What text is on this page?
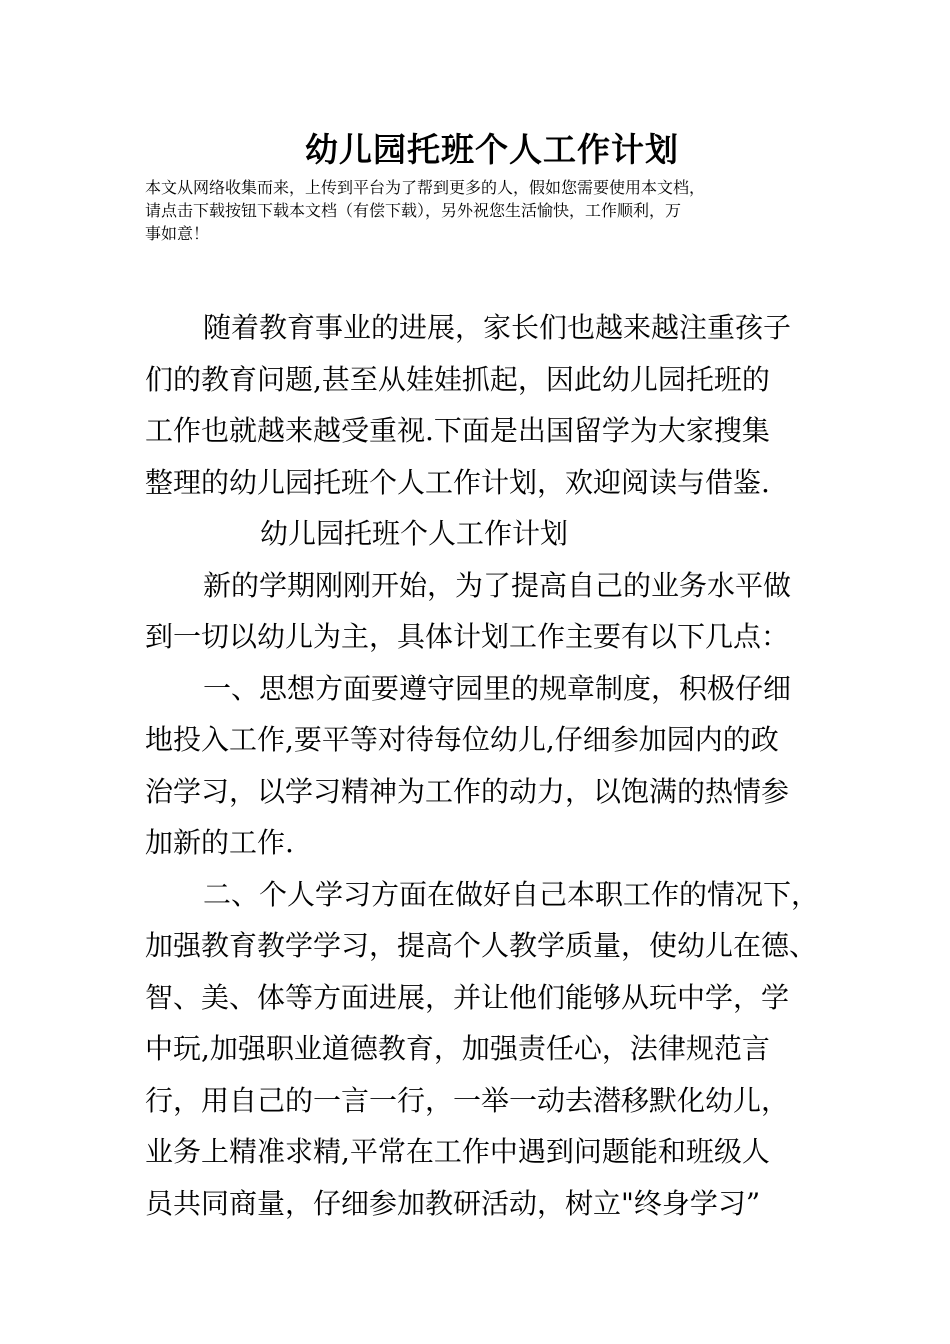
幼儿园托班个人工作计划
本文从网络收集而来，上传到平台为了帮到更多的人，假如您需要使用本文档，
请点击下载按钮下载本文档（有偿下载），另外祝您生活愉快，工作顺利，万
事如意！
随着教育事业的进展，家长们也越来越注重孩子
们的教育问题,甚至从娃娃抓起，因此幼儿园托班的
工作也就越来越受重视.下面是出国留学为大家搜集
整理的幼儿园托班个人工作计划，欢迎阅读与借鉴.
幼儿园托班个人工作计划
新的学期刚刚开始，为了提高自己的业务水平做
到一切以幼儿为主，具体计划工作主要有以下几点：
一、思想方面要遵守园里的规章制度，积极仔细
地投入工作,要平等对待每位幼儿,仔细参加园内的政
治学习，以学习精神为工作的动力，以饱满的热情参
加新的工作.
二、个人学习方面在做好自己本职工作的情况下，
加强教育教学学习，提高个人教学质量，使幼儿在德、
智、美、体等方面进展，并让他们能够从玩中学，学
中玩,加强职业道德教育，加强责任心，法律规范言
行，用自己的一言一行，一举一动去潜移默化幼儿，
业务上精准求精,平常在工作中遇到问题能和班级人
员共同商量，仔细参加教研活动，树立"终身学习”
